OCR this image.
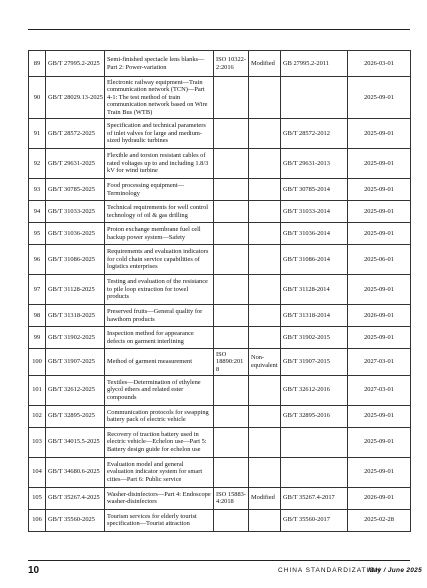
89	GB/T 27995.2-2025	Semi-finished spectacle lens blanks—Part 2: Power-variation	ISO 10322-2:2016	Modified	GB 27995.2-2011	2026-03-01
90	GB/T 28029.13-2025	Electronic railway equipment—Train communication network (TCN)—Part 4-1: The test method of train communication network based on Wire Train Bus (WTB)				2025-09-01
91	GB/T 28572-2025	Specification and technical parameters of inlet valves for large and medium-sized hydraulic turbines			GB/T 28572-2012	2025-09-01
92	GB/T 29631-2025	Flexible and torsion resistant cables of rated voltages up to and including 1.8/3 kV for wind turbine			GB/T 29631-2013	2025-09-01
93	GB/T 30785-2025	Food processing equipment—Terminology			GB/T 30785-2014	2025-09-01
94	GB/T 31033-2025	Technical requirements for well control technology of oil & gas drilling			GB/T 31033-2014	2025-09-01
95	GB/T 31036-2025	Proton exchange membrane fuel cell backup power system—Safety			GB/T 31036-2014	2025-09-01
96	GB/T 31086-2025	Requirements and evaluation indicators for cold chain service capabilities of logistics enterprises			GB/T 31086-2014	2025-06-01
97	GB/T 31128-2025	Testing and evaluation of the resistance to pile loop extraction for towel products			GB/T 31128-2014	2025-09-01
98	GB/T 31318-2025	Preserved fruits—General quality for hawthorn products			GB/T 31318-2014	2026-09-01
99	GB/T 31902-2025	Inspection method for appearance defects on garment interlining			GB/T 31902-2015	2025-09-01
100	GB/T 31907-2025	Method of garment measurement	ISO 18890:2018	Non-equivalent	GB/T 31907-2015	2027-03-01
101	GB/T 32612-2025	Textiles—Determination of ethylene glycol ethers and related ester compounds			GB/T 32612-2016	2027-03-01
102	GB/T 32895-2025	Communication protocols for swapping battery pack of electric vehicle			GB/T 32895-2016	2025-09-01
103	GB/T 34015.5-2025	Recovery of traction battery used in electric vehicle—Echelon use—Part 5: Battery design guide for echelon use				2025-09-01
104	GB/T 34680.6-2025	Evaluation model and general evaluation indicator system for smart cities—Part 6: Public service				2025-09-01
105	GB/T 35267.4-2025	Washer-disinfectors—Part 4: Endoscope washer-disinfectors	ISO 15883-4:2018	Modified	GB/T 35267.4-2017	2026-09-01
106	GB/T 35560-2025	Tourism services for elderly tourist specification—Tourist attraction			GB/T 35560-2017	2025-02-28
10	CHINA STANDARDIZATION
May / June 2025
